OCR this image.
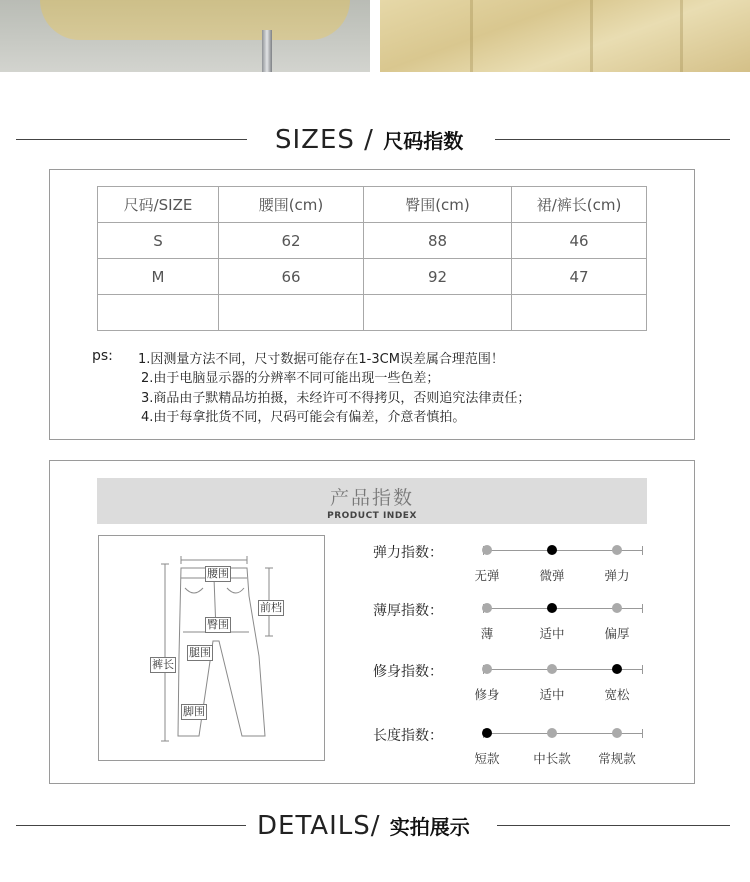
SIZES / 尺码指数
尺码/SIZE	腰围(cm)	臀围(cm)	裙/裤长(cm)
S	62	88	46
M	66	92	47

ps: 1.因测量方法不同，尺寸数据可能存在1-3CM误差属合理范围！
2.由于电脑显示器的分辨率不同可能出现一些色差；
3.商品由子默精品坊拍摄，未经许可不得拷贝，否则追究法律责任；
4.由于每拿批货不同，尺码可能会有偏差，介意者慎拍。
产品指数
PRODUCT INDEX
腰围
前档
臀围
腿围
裤长
脚围
弹力指数：
无弹	微弹	弹力
薄厚指数：
薄	适中	偏厚
修身指数：
修身	适中	宽松
长度指数：
短款	中长款 常规款
DETAILS/ 实拍展示
